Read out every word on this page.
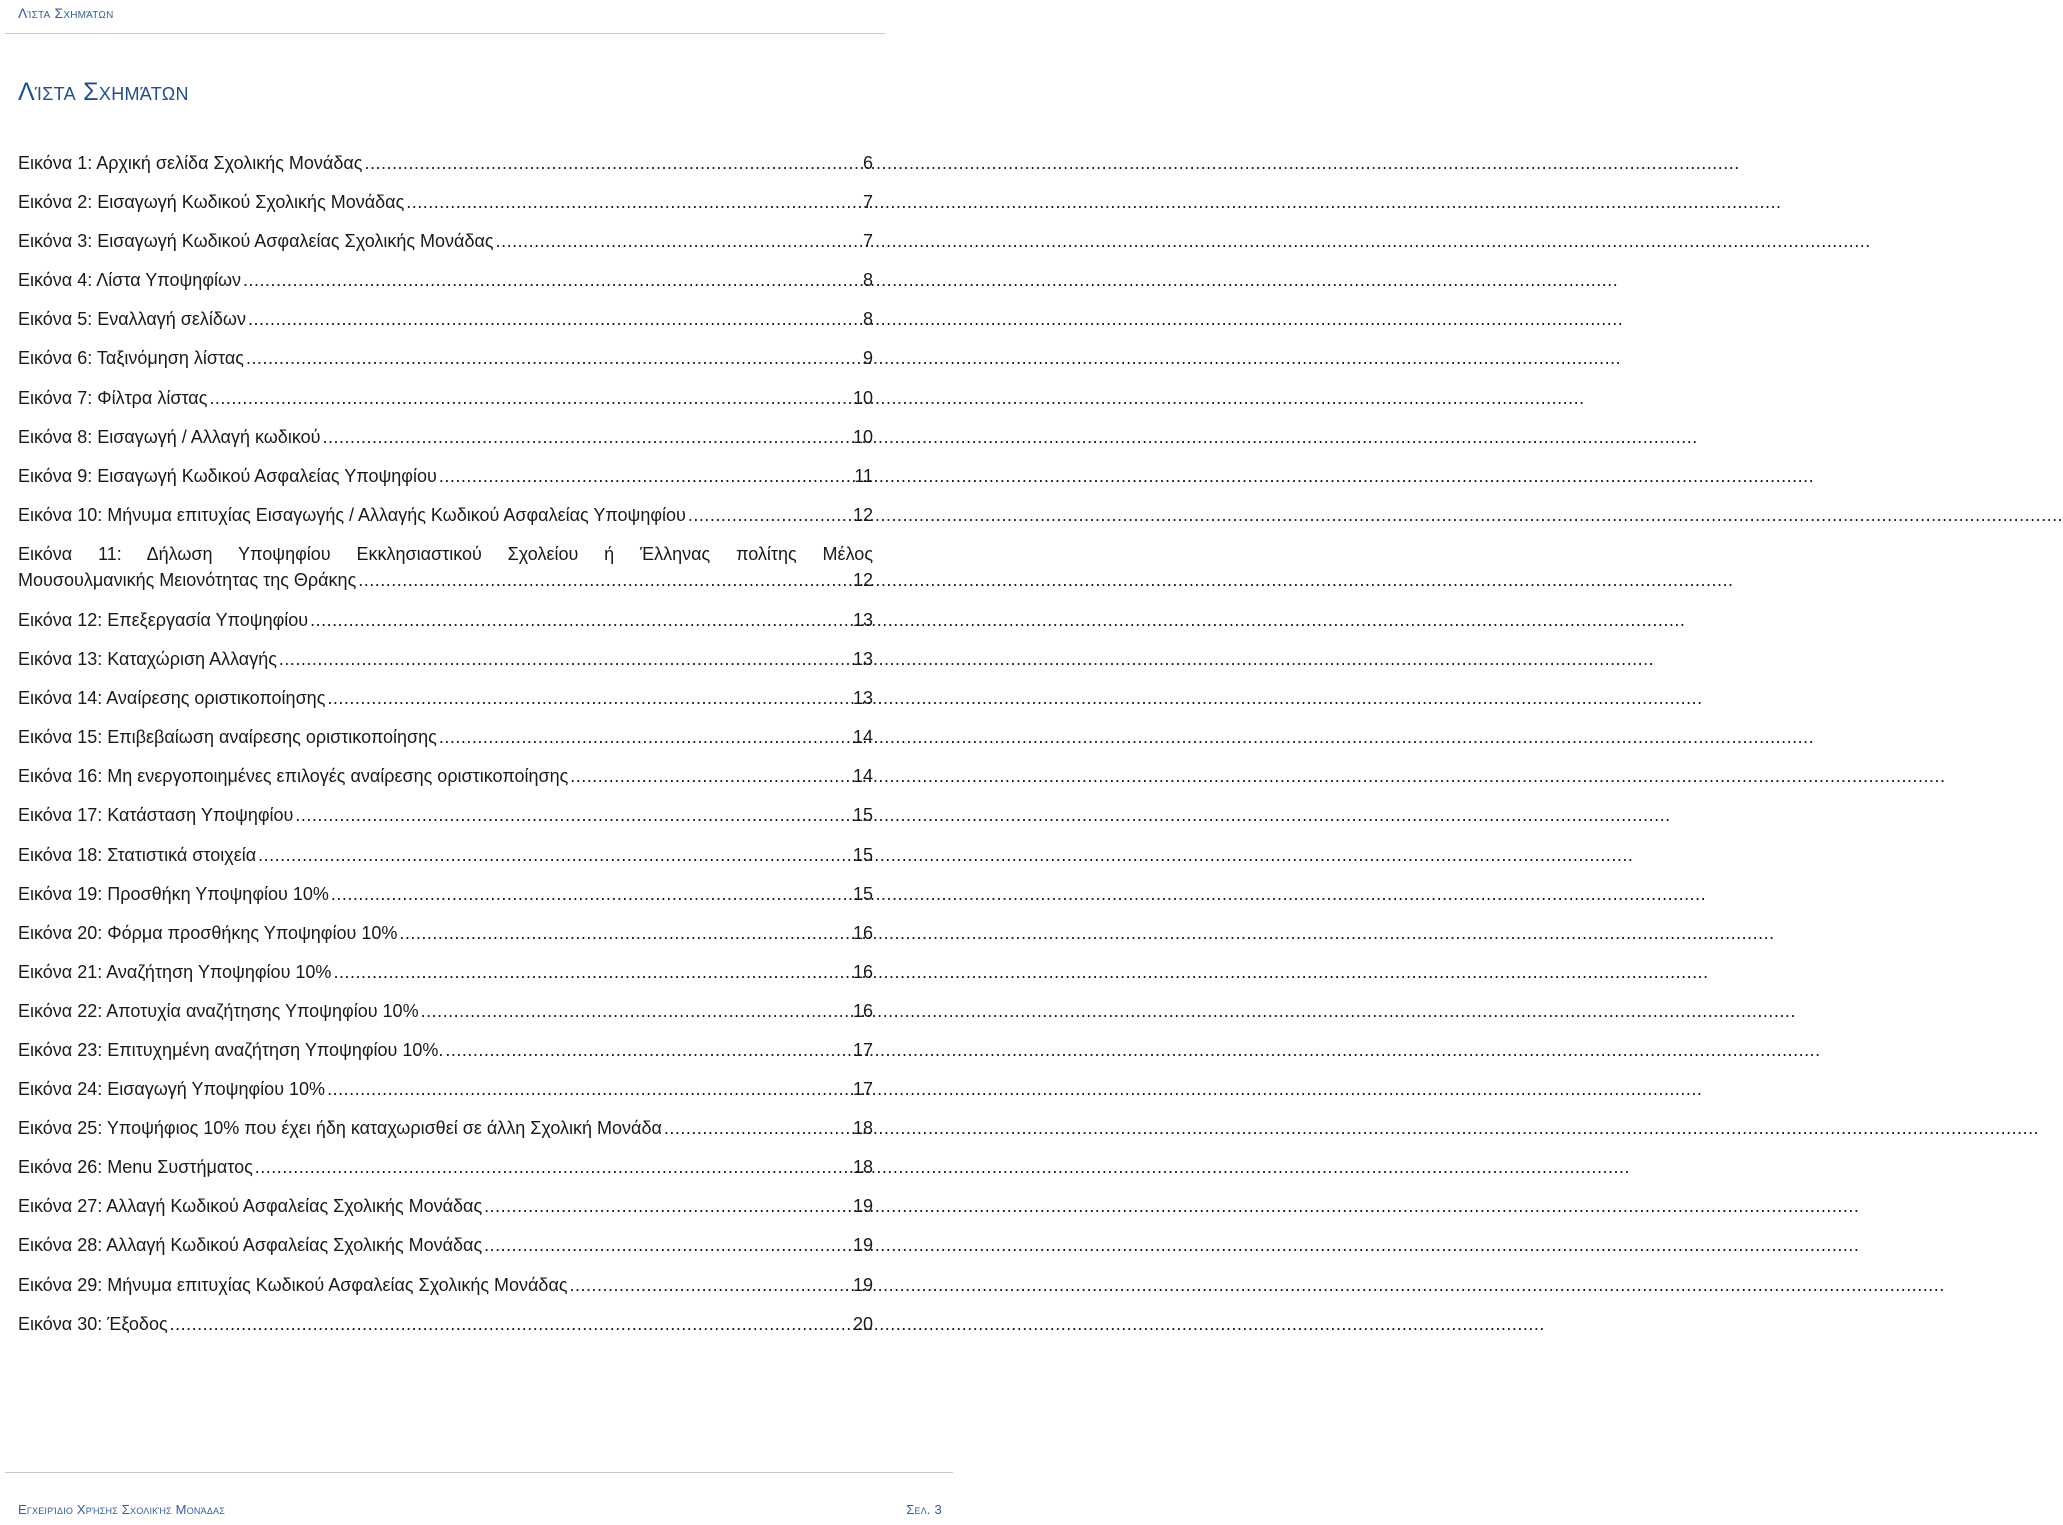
Λίστα Σχημάτων
Λίστα Σχημάτων
Εικόνα 1: Αρχική σελίδα Σχολικής Μονάδας .....	6
Εικόνα 2: Εισαγωγή Κωδικού Σχολικής Μονάδας .....	7
Εικόνα 3: Εισαγωγή Κωδικού Ασφαλείας Σχολικής Μονάδας .....	7
Εικόνα 4: Λίστα Υποψηφίων .....	8
Εικόνα 5: Εναλλαγή σελίδων .....	8
Εικόνα 6: Ταξινόμηση λίστας .....	9
Εικόνα 7: Φίλτρα λίστας .....	10
Εικόνα 8: Εισαγωγή / Αλλαγή κωδικού .....	10
Εικόνα 9: Εισαγωγή Κωδικού Ασφαλείας Υποψηφίου .....	11
Εικόνα 10: Μήνυμα επιτυχίας Εισαγωγής / Αλλαγής Κωδικού Ασφαλείας Υποψηφίου .....	12
Εικόνα 11: Δήλωση Υποψηφίου Εκκλησιαστικού Σχολείου ή Έλληνας πολίτης Μέλος
Μουσουλμανικής Μειονότητας της Θράκης .....	12
Εικόνα 12: Επεξεργασία Υποψηφίου .....	13
Εικόνα 13: Καταχώριση Αλλαγής .....	13
Εικόνα 14: Αναίρεσης οριστικοποίησης .....	13
Εικόνα 15: Επιβεβαίωση αναίρεσης οριστικοποίησης .....	14
Εικόνα 16: Μη ενεργοποιημένες επιλογές αναίρεσης οριστικοποίησης .....	14
Εικόνα 17: Κατάσταση Υποψηφίου .....	15
Εικόνα 18: Στατιστικά στοιχεία .....	15
Εικόνα 19: Προσθήκη Υποψηφίου 10% .....	15
Εικόνα 20: Φόρμα προσθήκης Υποψηφίου 10% .....	16
Εικόνα 21: Αναζήτηση Υποψηφίου 10% .....	16
Εικόνα 22: Αποτυχία αναζήτησης Υποψηφίου 10% .....	16
Εικόνα 23: Επιτυχημένη αναζήτηση Υποψηφίου 10%. .....	17
Εικόνα 24: Εισαγωγή Υποψηφίου 10% .....	17
Εικόνα 25: Υποψήφιος 10% που έχει ήδη καταχωρισθεί σε άλλη Σχολική Μονάδα .....	18
Εικόνα 26: Menu Συστήματος .....	18
Εικόνα 27: Αλλαγή Κωδικού Ασφαλείας Σχολικής Μονάδας .....	19
Εικόνα 28: Αλλαγή Κωδικού Ασφαλείας Σχολικής Μονάδας .....	19
Εικόνα 29: Μήνυμα επιτυχίας Κωδικού Ασφαλείας Σχολικής Μονάδας .....	19
Εικόνα 30: Έξοδος .....	20
Εγχειρίδιο Χρήσης Σχολικής Μονάδας	Σελ. 3
